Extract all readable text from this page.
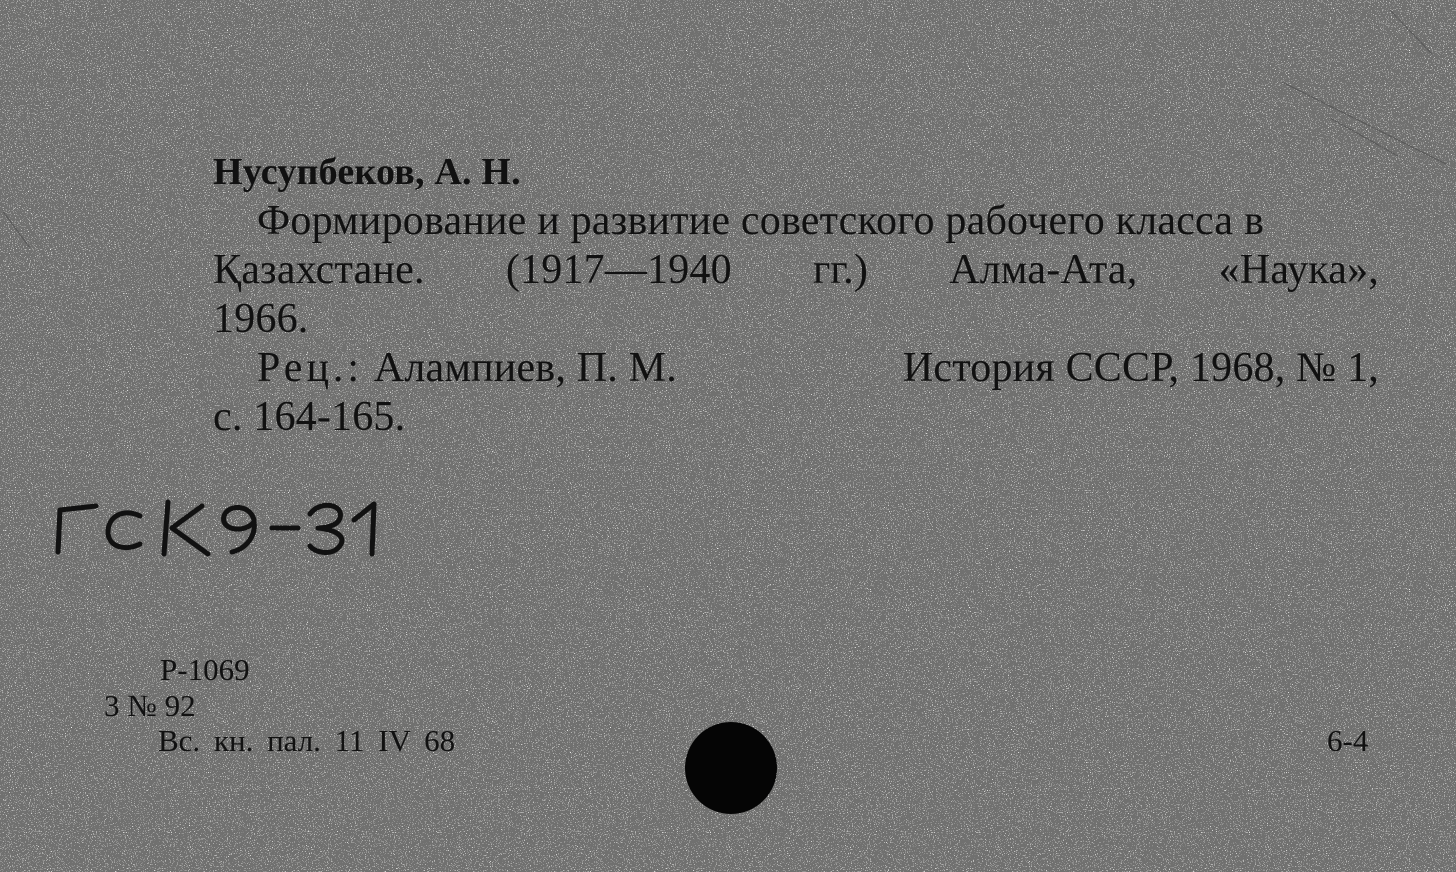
Нусупбеков, А. Н.
Формирование и развитие советского рабочего класса в
Қазахстане. (1917—1940 гг.) Алма-Ата, «Наука»,
1966.
Рец.: Алампиев, П. М.	История СССР, 1968, № 1,
с. 164-165.
Р-1069
3 № 92
Вс. кн. пал. 11 IV 68	6-4
